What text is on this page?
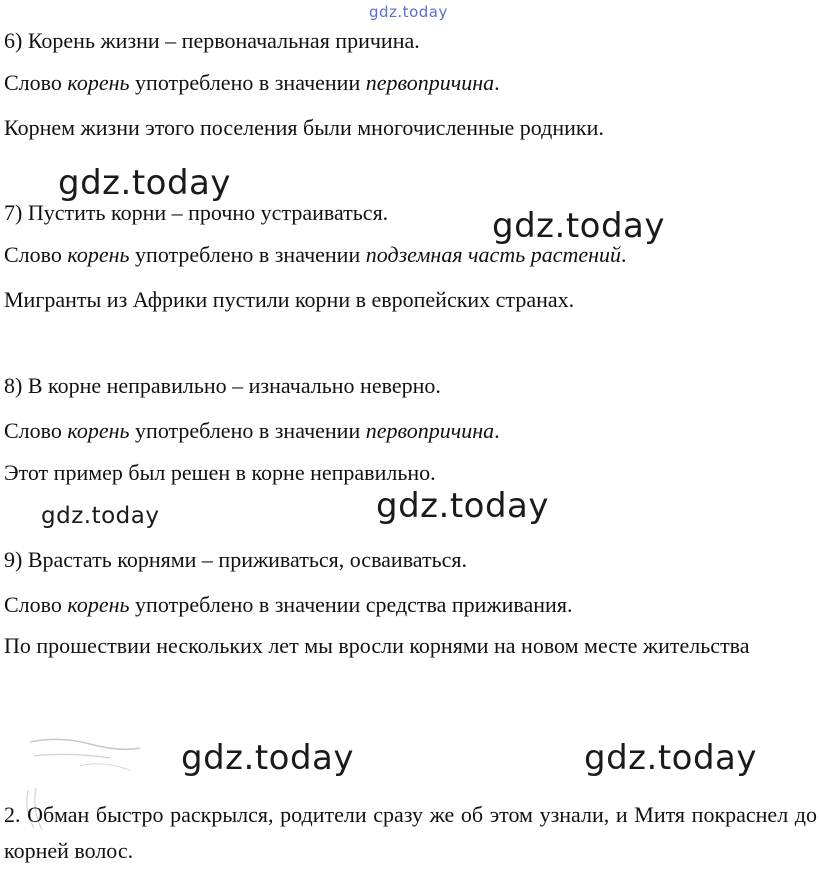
gdz.today
6) Корень жизни – первоначальная причина.
Слово корень употреблено в значении первопричина.
Корнем жизни этого поселения были многочисленные родники.
gdz.today
7) Пустить корни – прочно устраиваться.	gdz.today
Слово корень употреблено в значении подземная часть растений.
Мигранты из Африки пустили корни в европейских странах.
8) В корне неправильно – изначально неверно.
Слово корень употреблено в значении первопричина.
Этот пример был решен в корне неправильно.
gdz.today	gdz.today
9) Врастать корнями – приживаться, осваиваться.
Слово корень употреблено в значении средства приживания.
По прошествии нескольких лет мы вросли корнями на новом месте жительства
gdz.today	gdz.today
2. Обман быстро раскрылся, родители сразу же об этом узнали, и Митя покраснел до корней волос.
